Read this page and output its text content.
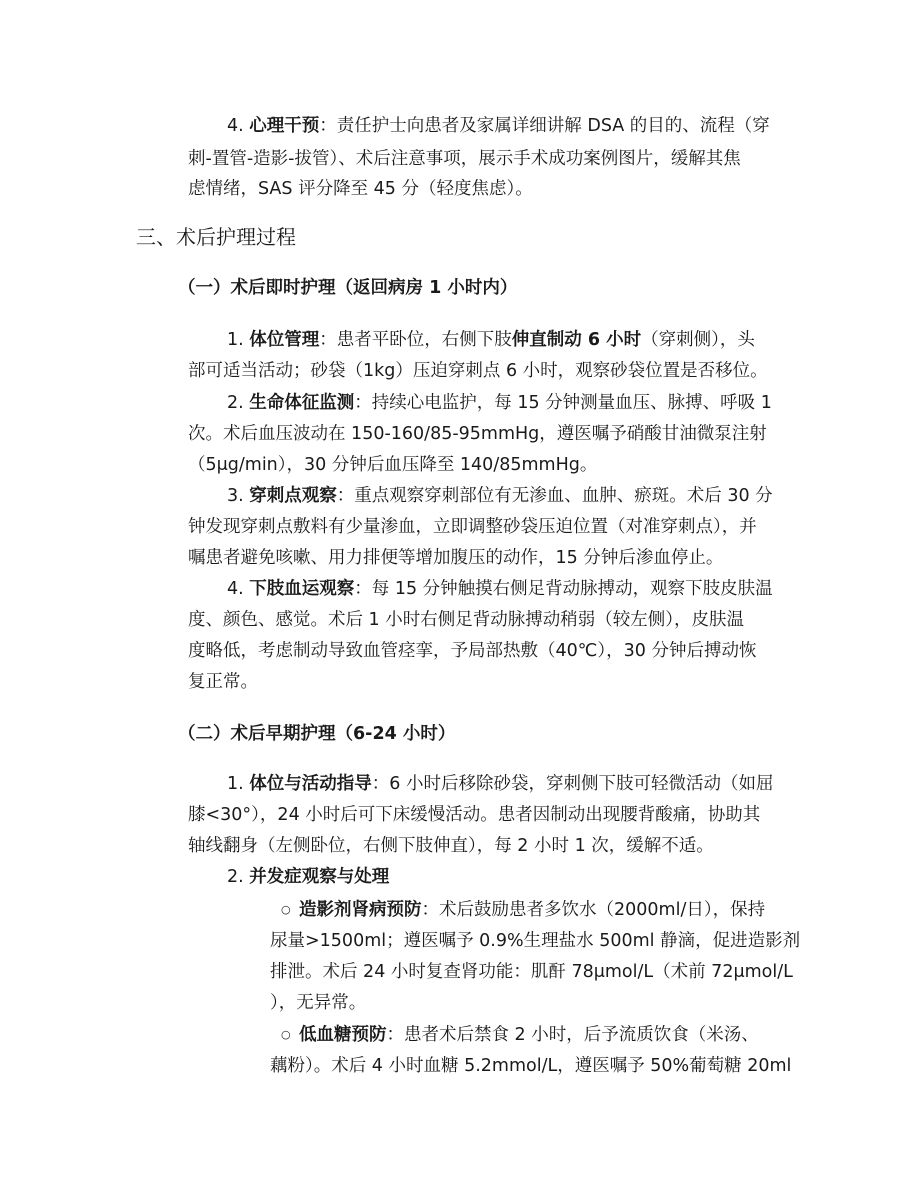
4. 心理干预：责任护士向患者及家属详细讲解 DSA 的目的、流程（穿
刺-置管-造影-拔管）、术后注意事项，展示手术成功案例图片，缓解其焦
虑情绪，SAS 评分降至 45 分（轻度焦虑）。
三、术后护理过程
（一）术后即时护理（返回病房 1 小时内）
1. 体位管理：患者平卧位，右侧下肢伸直制动 6 小时（穿刺侧），头
部可适当活动；砂袋（1kg）压迫穿刺点 6 小时，观察砂袋位置是否移位。
2. 生命体征监测：持续心电监护，每 15 分钟测量血压、脉搏、呼吸 1
次。术后血压波动在 150-160/85-95mmHg，遵医嘱予硝酸甘油微泵注射
（5μg/min），30 分钟后血压降至 140/85mmHg。
3. 穿刺点观察：重点观察穿刺部位有无渗血、血肿、瘀斑。术后 30 分
钟发现穿刺点敷料有少量渗血，立即调整砂袋压迫位置（对准穿刺点），并
嘱患者避免咳嗽、用力排便等增加腹压的动作，15 分钟后渗血停止。
4. 下肢血运观察：每 15 分钟触摸右侧足背动脉搏动，观察下肢皮肤温
度、颜色、感觉。术后 1 小时右侧足背动脉搏动稍弱（较左侧），皮肤温
度略低，考虑制动导致血管痉挛，予局部热敷（40℃），30 分钟后搏动恢
复正常。
（二）术后早期护理（6-24 小时）
1. 体位与活动指导：6 小时后移除砂袋，穿刺侧下肢可轻微活动（如屈
膝<30°），24 小时后可下床缓慢活动。患者因制动出现腰背酸痛，协助其
轴线翻身（左侧卧位，右侧下肢伸直），每 2 小时 1 次，缓解不适。
2. 并发症观察与处理
○ 造影剂肾病预防：术后鼓励患者多饮水（2000ml/日），保持
尿量>1500ml；遵医嘱予 0.9%生理盐水 500ml 静滴，促进造影剂
排泄。术后 24 小时复查肾功能：肌酐 78μmol/L（术前 72μmol/L
），无异常。
○ 低血糖预防：患者术后禁食 2 小时，后予流质饮食（米汤、
藕粉）。术后 4 小时血糖 5.2mmol/L，遵医嘱予 50%葡萄糖 20ml
